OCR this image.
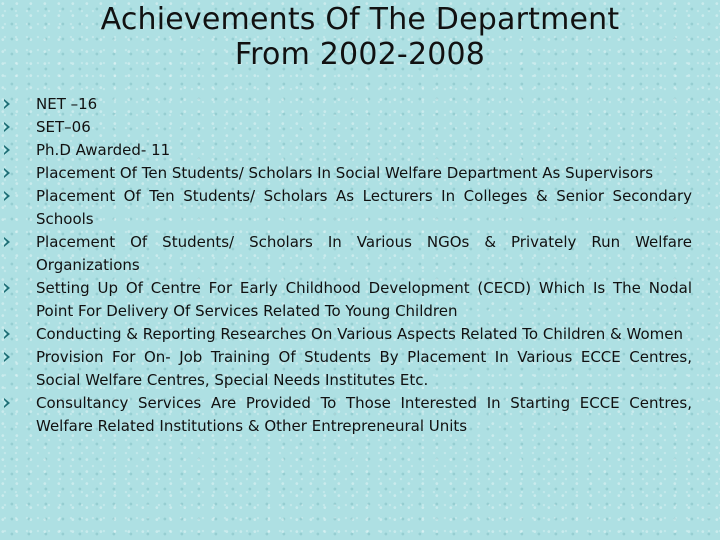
Achievements Of The Department
From 2002-2008
NET –16
SET–06
Ph.D Awarded- 11
Placement Of Ten Students/ Scholars In Social Welfare Department As Supervisors
Placement Of Ten Students/ Scholars As Lecturers In Colleges & Senior Secondary Schools
Placement Of Students/ Scholars In Various NGOs & Privately Run Welfare Organizations
Setting Up Of Centre For Early Childhood Development (CECD) Which Is The Nodal Point For Delivery Of Services Related To Young Children
Conducting & Reporting Researches On Various Aspects Related To Children & Women
Provision For On- Job Training Of Students By Placement In Various ECCE Centres, Social Welfare Centres, Special Needs Institutes Etc.
Consultancy Services Are Provided To Those Interested In Starting ECCE Centres, Welfare Related Institutions & Other Entrepreneural Units
